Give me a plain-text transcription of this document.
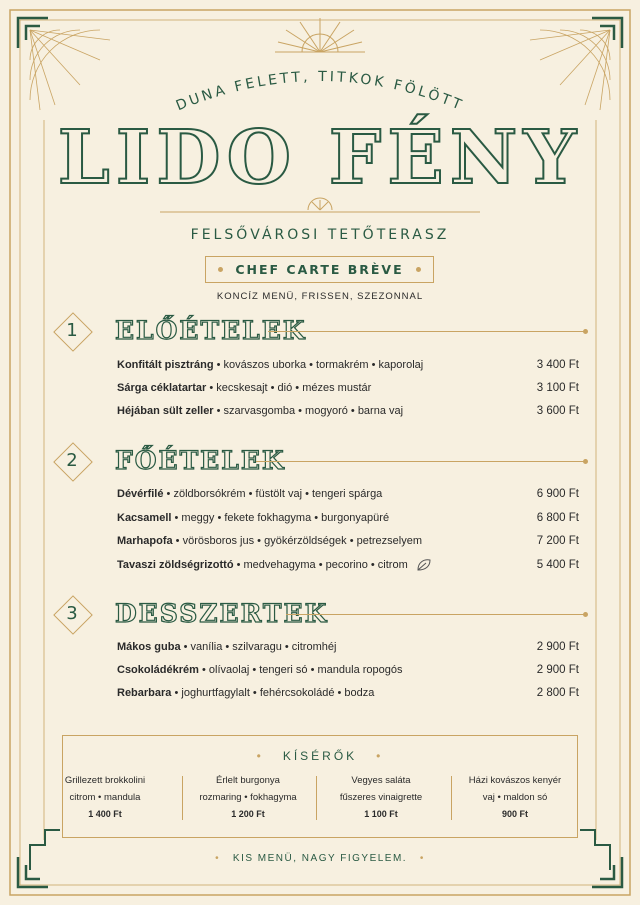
DUNA FELETT, TITKOK FÖLÖTT
LIDO FÉNY
FELSŐVÁROSI TETŐTERASZ
CHEF CARTE BRÈVE
KONCÍZ MENÜ, FRISSEN, SZEZONNAL
1	ELŐÉTELEK
Konfitált pisztráng • kovászos uborka • tormakrém • kaporolaj	3 400 Ft
Sárga céklatartar • kecskesajt • dió • mézes mustár	3 100 Ft
Héjában sült zeller • szarvasgomba • mogyoró • barna vaj	3 600 Ft
2	FŐÉTELEK
Dévérfilé • zöldborsókrém • füstölt vaj • tengeri spárga	6 900 Ft
Kacsamell • meggy • fekete fokhagyma • burgonyapüré	6 800 Ft
Marhapofa • vörösboros jus • gyökérzöldségek • petrezselyem	7 200 Ft
Tavaszi zöldségrizottó • medvehagyma • pecorino • citrom	5 400 Ft
3	DESSZERTEK
Mákos guba • vanília • szilvaragu • citromhéj	2 900 Ft
Csokoládékrém • olívaolaj • tengeri só • mandula ropogós	2 900 Ft
Rebarbara • joghurtfagylalt • fehércsokoládé • bodza	2 800 Ft
•   KÍSÉRŐK   •
Grillezett brokkolini
citrom • mandula
1 400 Ft
Érlelt burgonya
rozmaring • fokhagyma
1 200 Ft
Vegyes saláta
fűszeres vinaigrette
1 100 Ft
Házi kovászos kenyér
vaj • maldon só
900 Ft
•   KIS MENÜ, NAGY FIGYELEM.   •
